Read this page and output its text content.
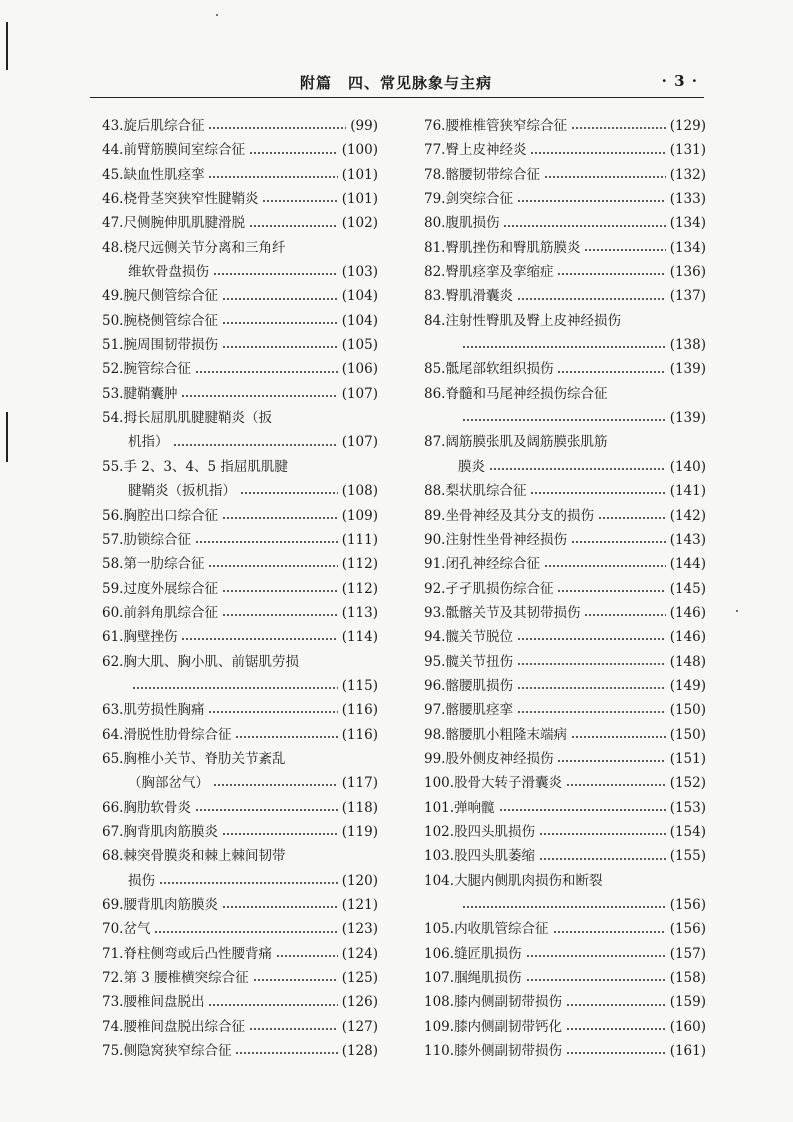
附篇　四、常见脉象与主病	· 3 ·
43. 旋后肌综合征	(99)
44. 前臂筋膜间室综合征	(100)
45. 缺血性肌痉挛	(101)
46. 桡骨茎突狭窄性腱鞘炎	(101)
47. 尺侧腕伸肌肌腱滑脱	(102)
48. 桡尺远侧关节分离和三角纤
维软骨盘损伤	(103)
49. 腕尺侧管综合征	(104)
50. 腕桡侧管综合征	(104)
51. 腕周围韧带损伤	(105)
52. 腕管综合征	(106)
53. 腱鞘囊肿	(107)
54. 拇长屈肌肌腱腱鞘炎（扳
机指）	(107)
55. 手 2、3、4、5 指屈肌肌腱
腱鞘炎（扳机指）	(108)
56. 胸腔出口综合征	(109)
57. 肋锁综合征	(111)
58. 第一肋综合征	(112)
59. 过度外展综合征	(112)
60. 前斜角肌综合征	(113)
61. 胸壁挫伤	(114)
62. 胸大肌、胸小肌、前锯肌劳损
(115)
63. 肌劳损性胸痛	(116)
64. 滑脱性肋骨综合征	(116)
65. 胸椎小关节、脊肋关节紊乱
（胸部岔气）	(117)
66. 胸肋软骨炎	(118)
67. 胸背肌肉筋膜炎	(119)
68. 棘突骨膜炎和棘上棘间韧带
损伤	(120)
69. 腰背肌肉筋膜炎	(121)
70. 岔气	(123)
71. 脊柱侧弯或后凸性腰背痛	(124)
72. 第 3 腰椎横突综合征	(125)
73. 腰椎间盘脱出	(126)
74. 腰椎间盘脱出综合征	(127)
75. 侧隐窝狭窄综合征	(128)
76. 腰椎椎管狭窄综合征	(129)
77. 臀上皮神经炎	(131)
78. 髂腰韧带综合征	(132)
79. 剑突综合征	(133)
80. 腹肌损伤	(134)
81. 臀肌挫伤和臀肌筋膜炎	(134)
82. 臀肌痉挛及挛缩症	(136)
83. 臀肌滑囊炎	(137)
84. 注射性臀肌及臀上皮神经损伤
(138)
85. 骶尾部软组织损伤	(139)
86. 脊髓和马尾神经损伤综合征
(139)
87. 阔筋膜张肌及阔筋膜张肌筋
膜炎	(140)
88. 梨状肌综合征	(141)
89. 坐骨神经及其分支的损伤	(142)
90. 注射性坐骨神经损伤	(143)
91. 闭孔神经综合征	(144)
92. 孑孑肌损伤综合征	(145)
93. 骶髂关节及其韧带损伤	(146)
94. 髋关节脱位	(146)
95. 髋关节扭伤	(148)
96. 髂腰肌损伤	(149)
97. 髂腰肌痉挛	(150)
98. 髂腰肌小粗隆末端病	(150)
99. 股外侧皮神经损伤	(151)
100. 股骨大转子滑囊炎	(152)
101. 弹响髋	(153)
102. 股四头肌损伤	(154)
103. 股四头肌萎缩	(155)
104. 大腿内侧肌肉损伤和断裂
(156)
105. 内收肌管综合征	(156)
106. 缝匠肌损伤	(157)
107. 腘绳肌损伤	(158)
108. 膝内侧副韧带损伤	(159)
109. 膝内侧副韧带钙化	(160)
110. 膝外侧副韧带损伤	(161)
